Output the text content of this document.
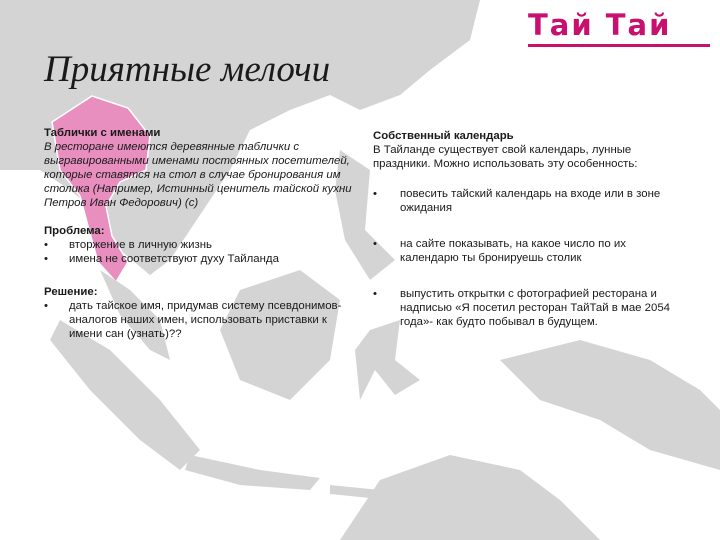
Тай Тай
Приятные мелочи
Таблички с именами
В ресторане имеются деревянные таблички с выгравированными именами постоянных посетителей, которые ставятся на стол в случае бронирования им столика (Например, Истинный ценитель тайской кухни Петров Иван Федорович) (с)
Проблема:
• вторжение в личную жизнь
• имена не соответствуют духу Тайланда
Решение:
• дать тайское имя, придумав систему псевдонимов-аналогов наших имен, использовать приставки к имени сан (узнать)??
Собственный календарь
В Тайланде существует свой календарь, лунные праздники. Можно использовать эту особенность:
• повесить тайский календарь на входе или в зоне ожидания
• на сайте показывать, на какое число по их календарю ты бронируешь столик
• выпустить открытки с фотографией ресторана и надписью «Я посетил ресторан ТайТай в мае 2054 года»- как будто побывал в будущем.
